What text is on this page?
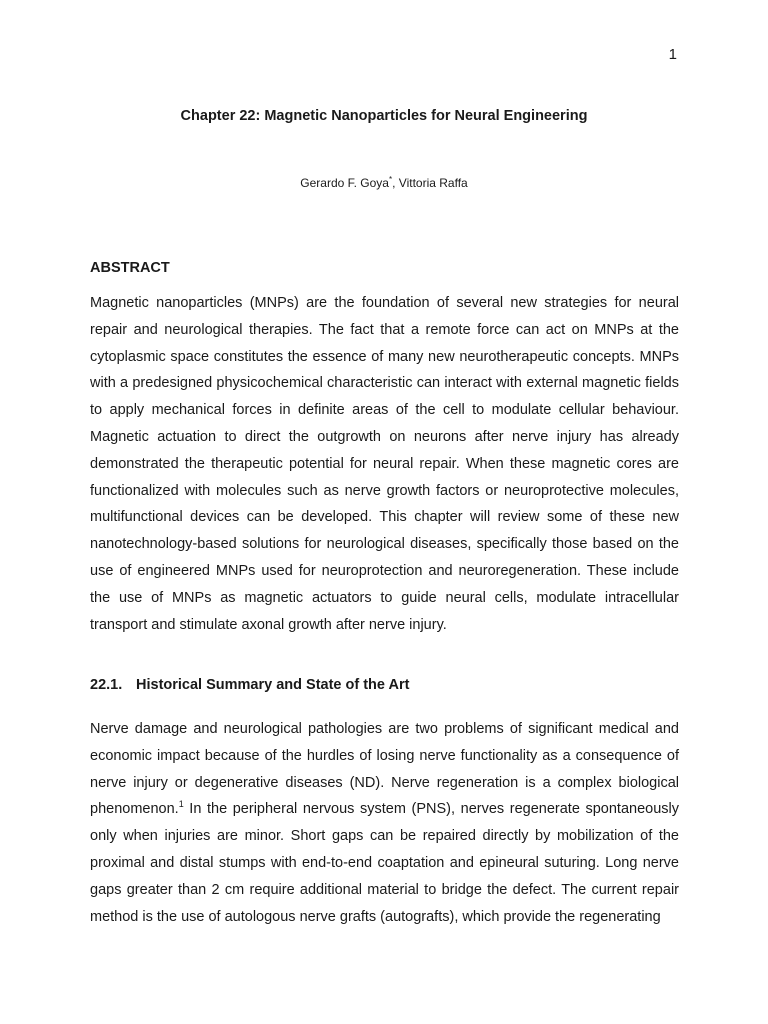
1
Chapter 22: Magnetic Nanoparticles for Neural Engineering
Gerardo F. Goya*, Vittoria Raffa
ABSTRACT

Magnetic nanoparticles (MNPs) are the foundation of several new strategies for neural repair and neurological therapies. The fact that a remote force can act on MNPs at the cytoplasmic space constitutes the essence of many new neurotherapeutic concepts. MNPs with a predesigned physicochemical characteristic can interact with external magnetic fields to apply mechanical forces in definite areas of the cell to modulate cellular behaviour. Magnetic actuation to direct the outgrowth on neurons after nerve injury has already demonstrated the therapeutic potential for neural repair. When these magnetic cores are functionalized with molecules such as nerve growth factors or neuroprotective molecules, multifunctional devices can be developed. This chapter will review some of these new nanotechnology-based solutions for neurological diseases, specifically those based on the use of engineered MNPs used for neuroprotection and neuroregeneration. These include the use of MNPs as magnetic actuators to guide neural cells, modulate intracellular transport and stimulate axonal growth after nerve injury.

22.1. Historical Summary and State of the Art

Nerve damage and neurological pathologies are two problems of significant medical and economic impact because of the hurdles of losing nerve functionality as a consequence of nerve injury or degenerative diseases (ND). Nerve regeneration is a complex biological phenomenon.$^1$ In the peripheral nervous system (PNS), nerves regenerate spontaneously only when injuries are minor. Short gaps can be repaired directly by mobilization of the proximal and distal stumps with end-to-end coaptation and epineural suturing. Long nerve gaps greater than 2 cm require additional material to bridge the defect. The current repair method is the use of autologous nerve grafts (autografts), which provide the regenerating
